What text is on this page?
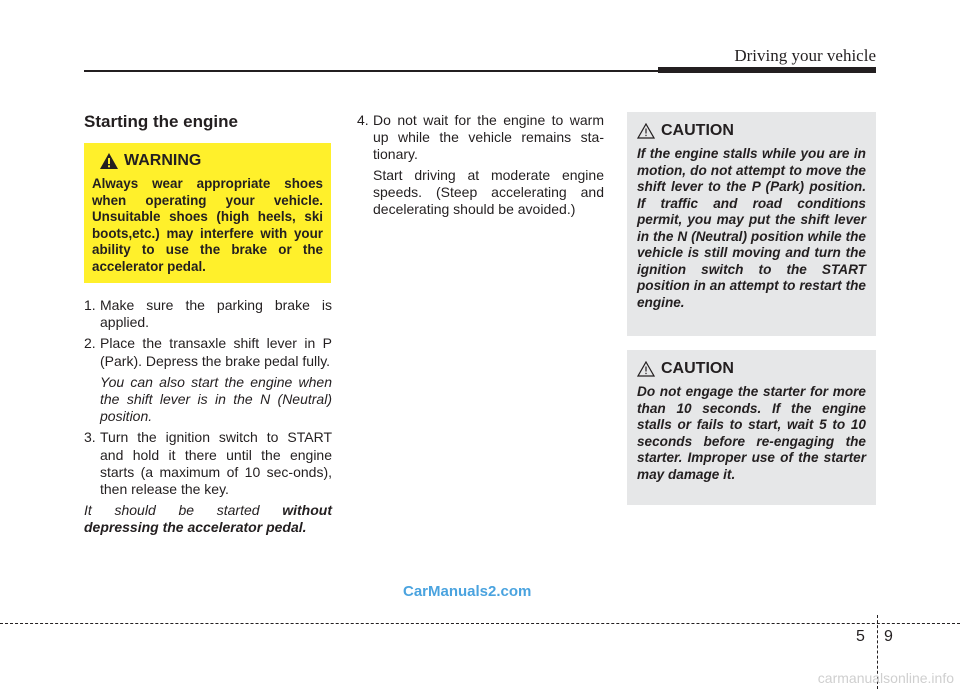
Driving your vehicle
Starting the engine
WARNING
Always wear appropriate shoes when operating your vehicle. Unsuitable shoes (high heels, ski boots,etc.) may interfere with your ability to use the brake or the accelerator pedal.
1. Make sure the parking brake is applied.
2. Place the transaxle shift lever in P (Park). Depress the brake pedal fully.
You can also start the engine when the shift lever is in the N (Neutral) position.
3. Turn the ignition switch to START and hold it there until the engine starts (a maximum of 10 sec-onds), then release the key.
It should be started without depressing the accelerator pedal.
4. Do not wait for the engine to warm up while the vehicle remains sta-tionary.
Start driving at moderate engine speeds. (Steep accelerating and decelerating should be avoided.)
CAUTION
If the engine stalls while you are in motion, do not attempt to move the shift lever to the P (Park) position. If traffic and road conditions permit, you may put the shift lever in the N (Neutral) position while the vehicle is still moving and turn the ignition switch to the START position in an attempt to restart the engine.
CAUTION
Do not engage the starter for more than 10 seconds. If the engine stalls or fails to start, wait 5 to 10 seconds before re-engaging the starter. Improper use of the starter may damage it.
CarManuals2.com
5 9
carmanualsonline.info
